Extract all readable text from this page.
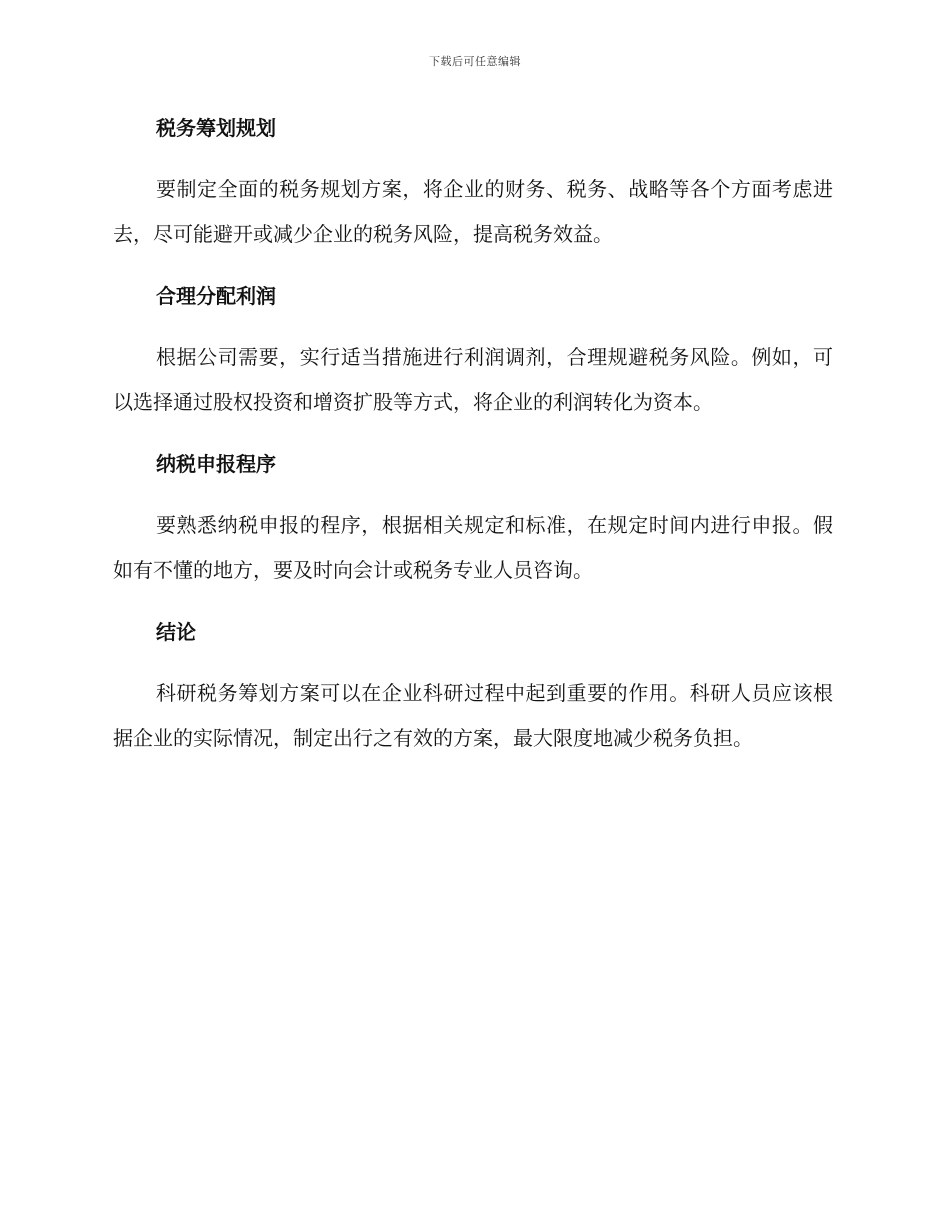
下载后可任意编辑
税务筹划规划

要制定全面的税务规划方案，将企业的财务、税务、战略等各个方面考虑进去，尽可能避开或减少企业的税务风险，提高税务效益。

合理分配利润

根据公司需要，实行适当措施进行利润调剂，合理规避税务风险。例如，可以选择通过股权投资和增资扩股等方式，将企业的利润转化为资本。

纳税申报程序

要熟悉纳税申报的程序，根据相关规定和标准，在规定时间内进行申报。假如有不懂的地方，要及时向会计或税务专业人员咨询。

结论

科研税务筹划方案可以在企业科研过程中起到重要的作用。科研人员应该根据企业的实际情况，制定出行之有效的方案，最大限度地减少税务负担。
